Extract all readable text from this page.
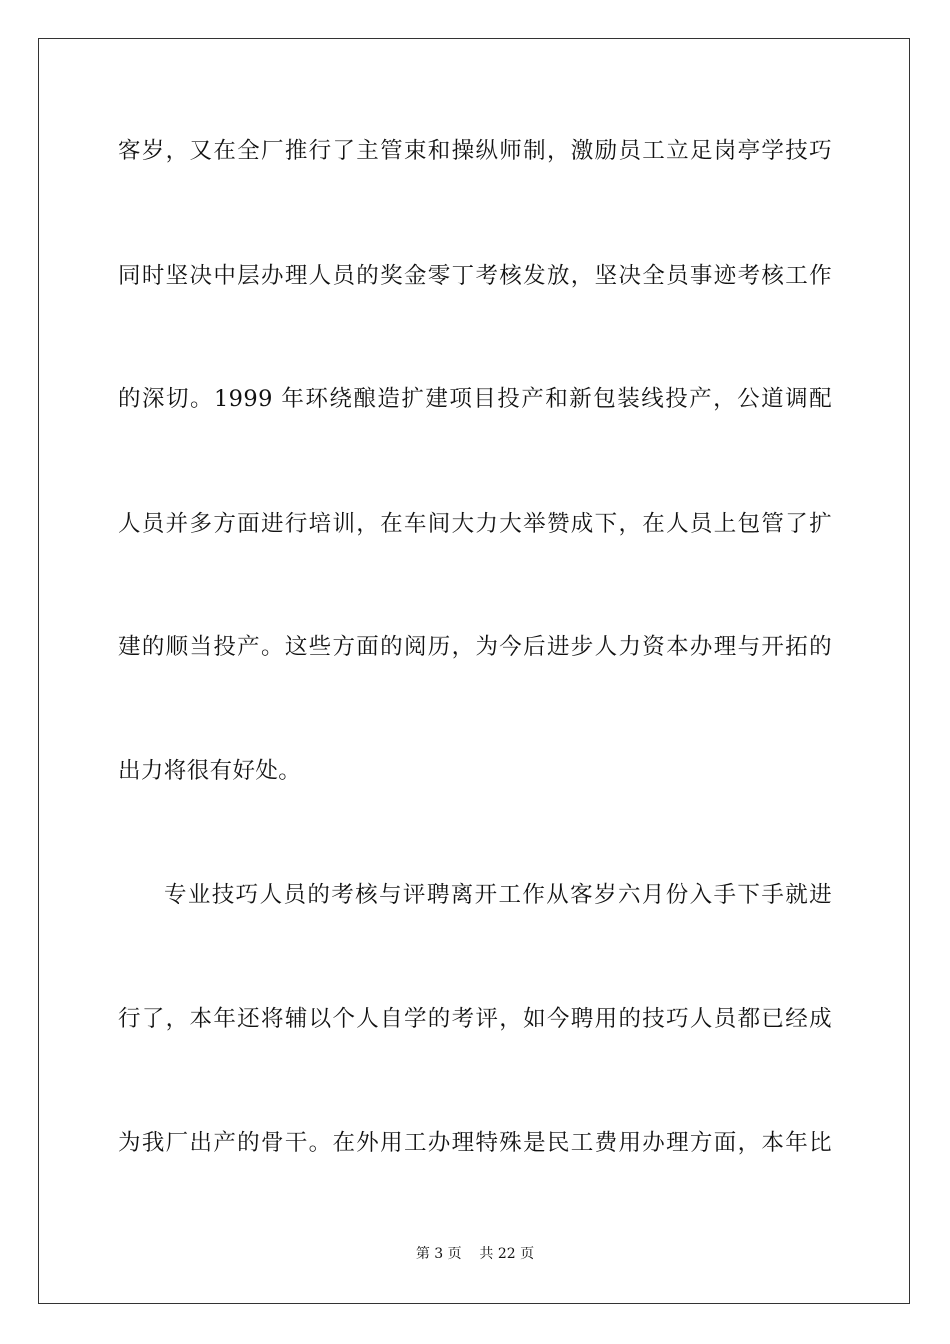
客岁，又在全厂推行了主管束和操纵师制，激励员工立足岗亭学技巧
同时坚决中层办理人员的奖金零丁考核发放，坚决全员事迹考核工作
的深切。1999 年环绕酿造扩建项目投产和新包装线投产，公道调配
人员并多方面进行培训，在车间大力大举赞成下，在人员上包管了扩
建的顺当投产。这些方面的阅历，为今后进步人力资本办理与开拓的
出力将很有好处。
专业技巧人员的考核与评聘离开工作从客岁六月份入手下手就进
行了，本年还将辅以个人自学的考评，如今聘用的技巧人员都已经成
为我厂出产的骨干。在外用工办理特殊是民工费用办理方面，本年比
第 3 页    共 22 页
